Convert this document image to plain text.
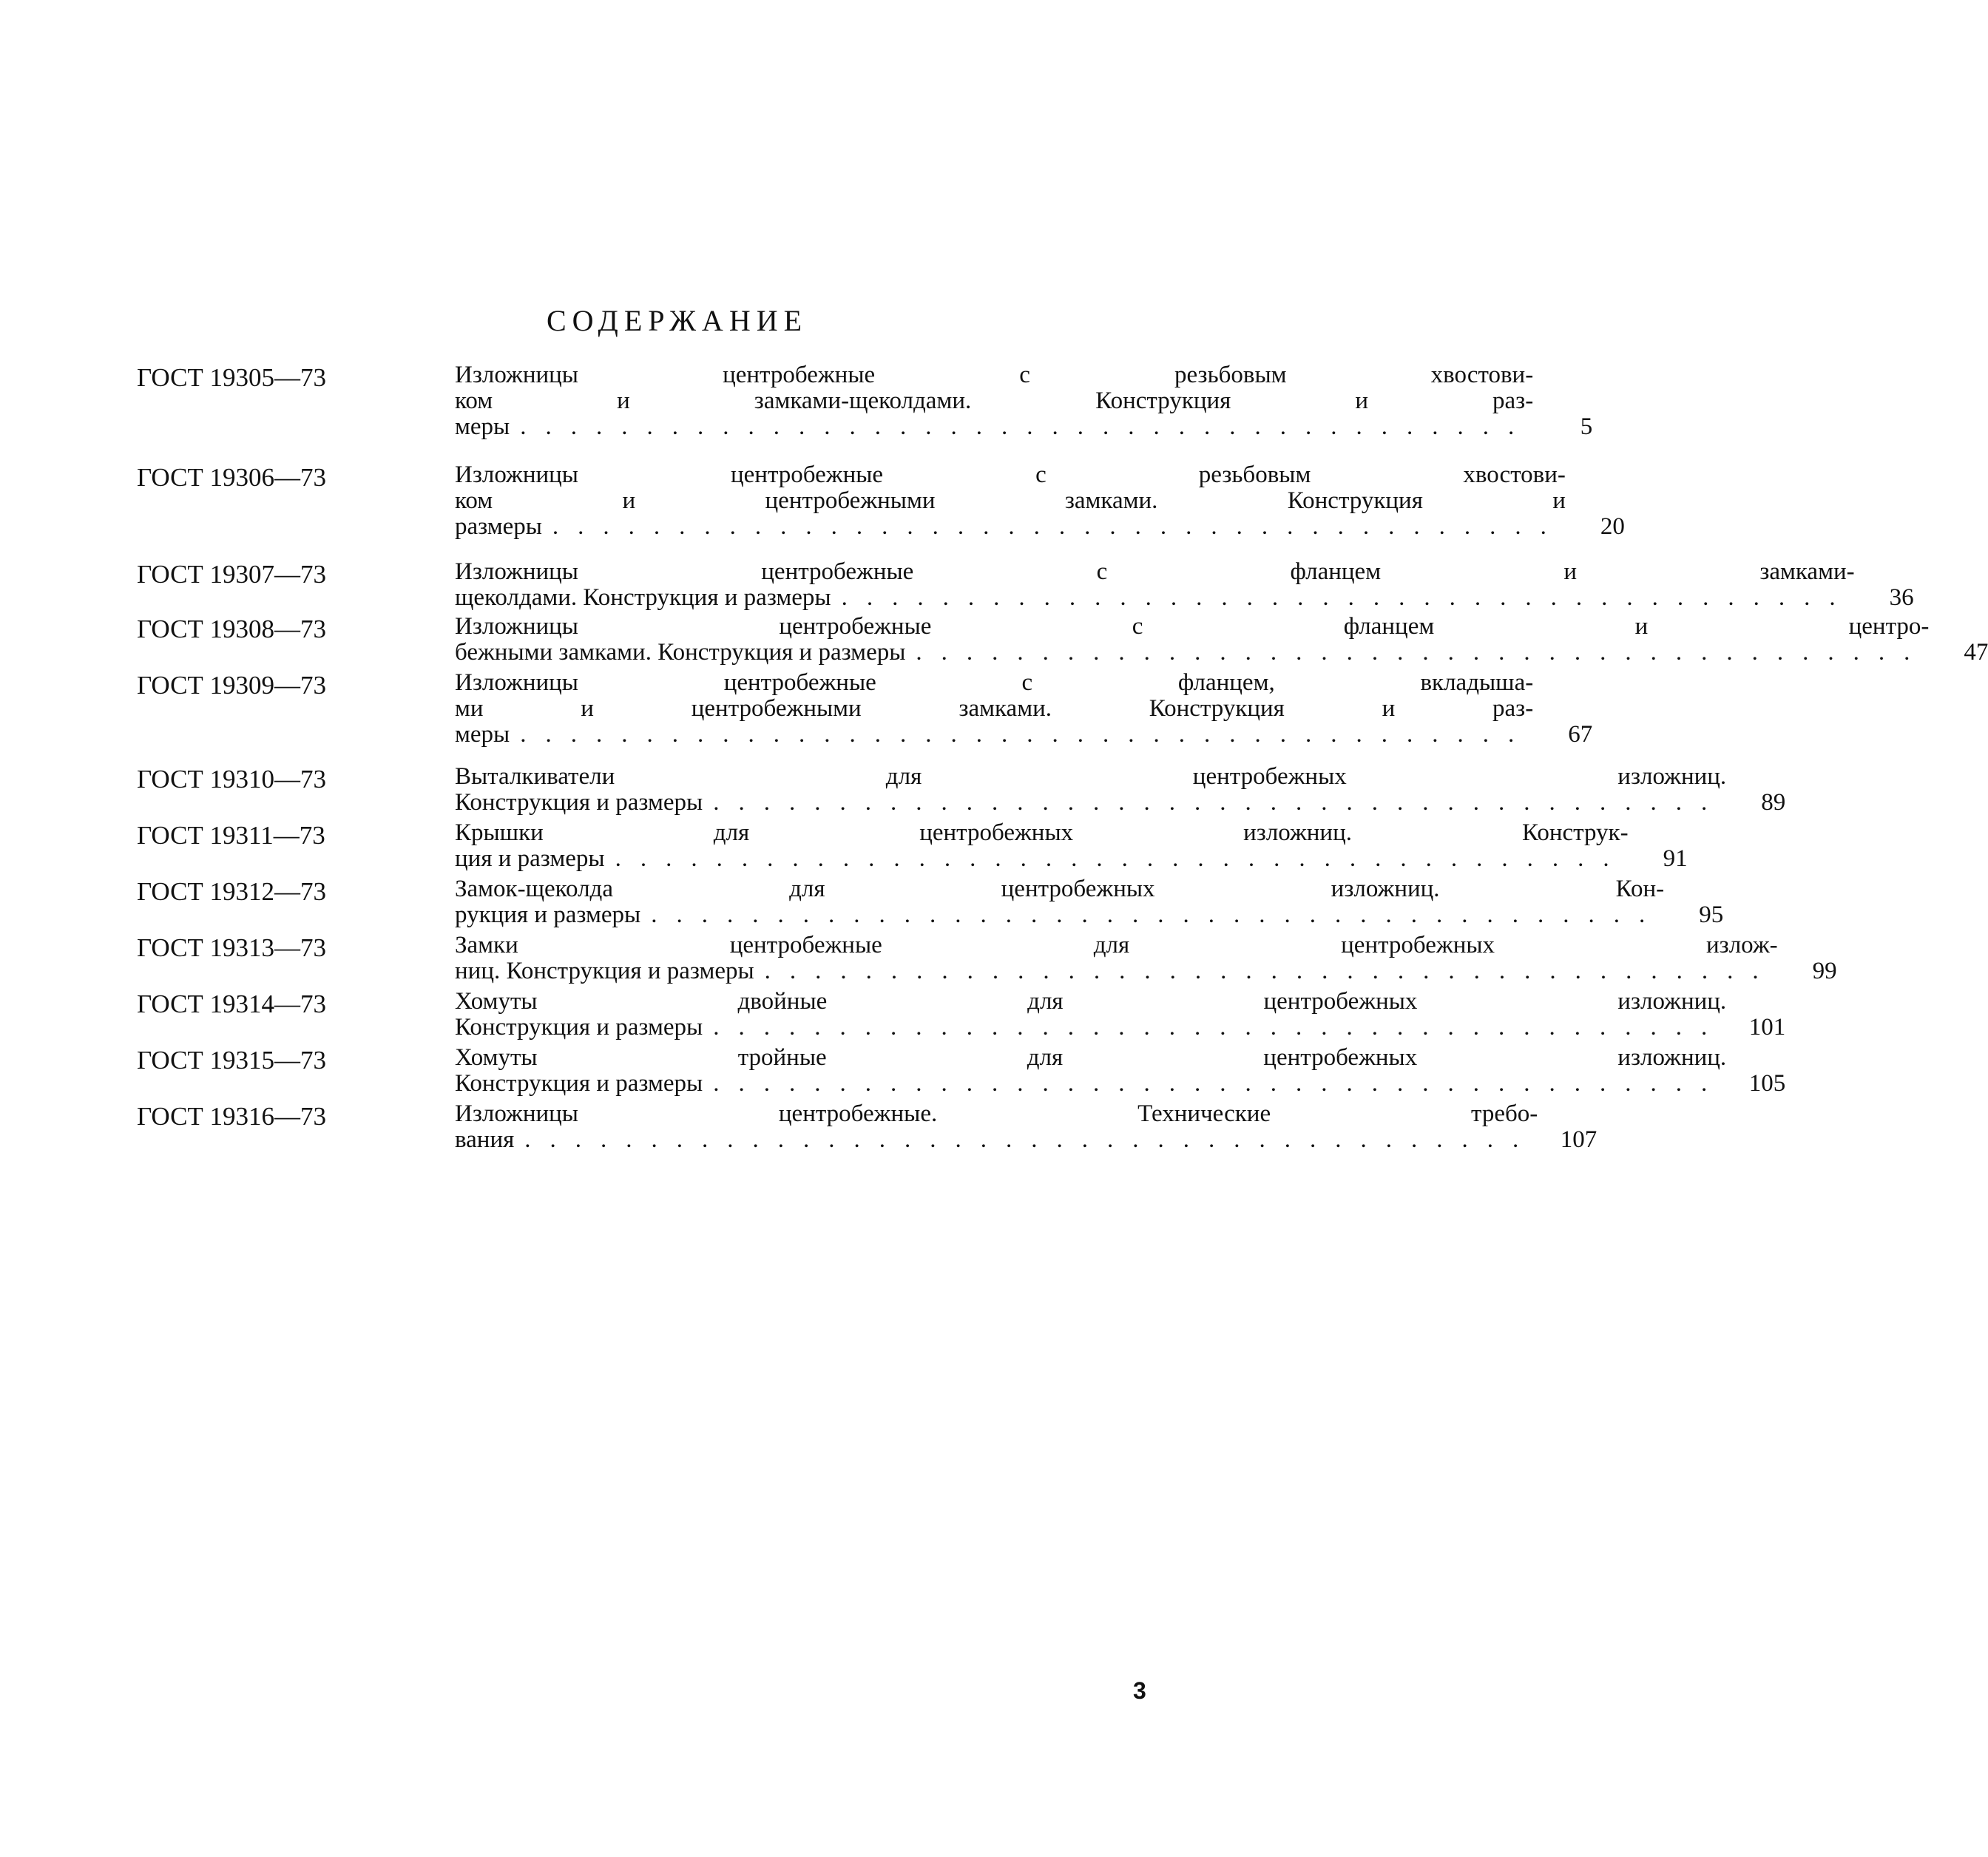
СОДЕРЖАНИЕ
ГОСТ 19305—73	Изложницы центробежные с резьбовым хвостови-
ком и замками-щеколдами. Конструкция и раз-
меры ........................................	5
ГОСТ 19306—73	Изложницы центробежные с резьбовым хвостови-
ком и центробежными замками. Конструкция и
размеры ........................................	20
ГОСТ 19307—73	Изложницы центробежные с фланцем и замками-
щеколдами. Конструкция и размеры ........................................	36
ГОСТ 19308—73	Изложницы центробежные с фланцем и центро-
бежными замками. Конструкция и размеры ........................................	47
ГОСТ 19309—73	Изложницы центробежные с фланцем, вкладыша-
ми и центробежными замками. Конструкция и раз-
меры ........................................	67
ГОСТ 19310—73	Выталкиватели для центробежных изложниц.
Конструкция и размеры ........................................	89
ГОСТ 19311—73	Крышки для центробежных изложниц. Конструк-
ция и размеры ........................................	91
ГОСТ 19312—73	Замок-щеколда для центробежных изложниц. Кон-
рукция и размеры ........................................	95
ГОСТ 19313—73	Замки центробежные для центробежных излож-
ниц. Конструкция и размеры ........................................	99
ГОСТ 19314—73	Хомуты двойные для центробежных изложниц.
Конструкция и размеры ........................................ 101
ГОСТ 19315—73	Хомуты тройные для центробежных изложниц.
Конструкция и размеры ........................................ 105
ГОСТ 19316—73	Изложницы центробежные. Технические требо-
вания ........................................ 107
3
